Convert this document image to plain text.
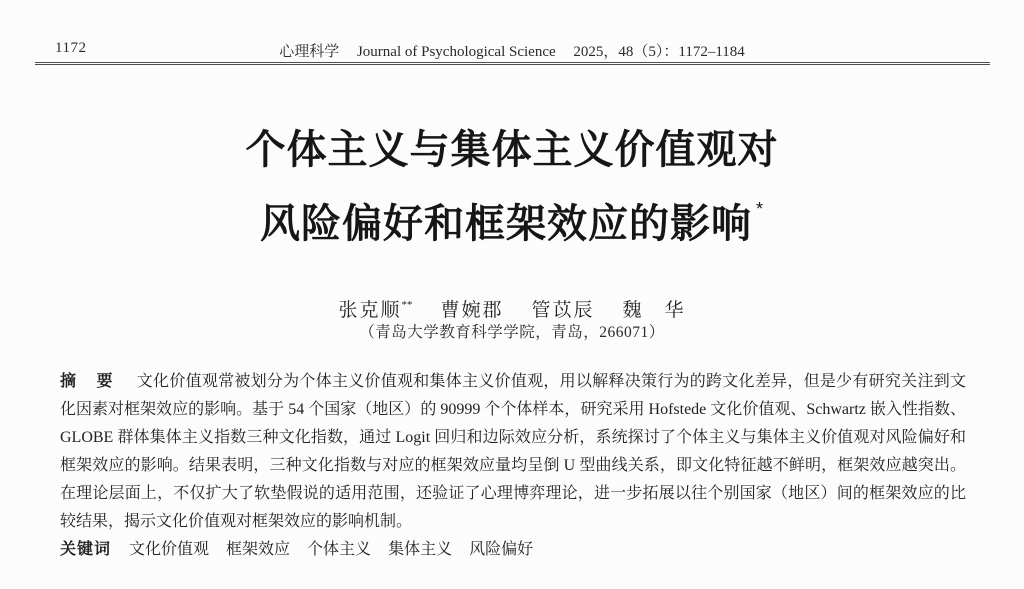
1172	心理科学 Journal of Psychological Science 2025，48（5）：1172–1184
个体主义与集体主义价值观对
风险偏好和框架效应的影响 *
张克顺** 曹婉郡 管苡辰 魏　华
（青岛大学教育科学学院，青岛，266071）

摘　要 文化价值观常被划分为个体主义价值观和集体主义价值观，用以解释决策行为的跨文化差异，但是少有研究关注到文化因素对框架效应的影响。基于 54 个国家（地区）的 90999 个个体样本，研究采用 Hofstede 文化价值观、Schwartz 嵌入性指数、GLOBE 群体集体主义指数三种文化指数，通过 Logit 回归和边际效应分析，系统探讨了个体主义与集体主义价值观对风险偏好和框架效应的影响。结果表明，三种文化指数与对应的框架效应量均呈倒 U 型曲线关系，即文化特征越不鲜明，框架效应越突出。在理论层面上，不仅扩大了软垫假说的适用范围，还验证了心理博弈理论，进一步拓展以往个别国家（地区）间的框架效应的比较结果，揭示文化价值观对框架效应的影响机制。

关键词 文化价值观 框架效应 个体主义 集体主义 风险偏好
